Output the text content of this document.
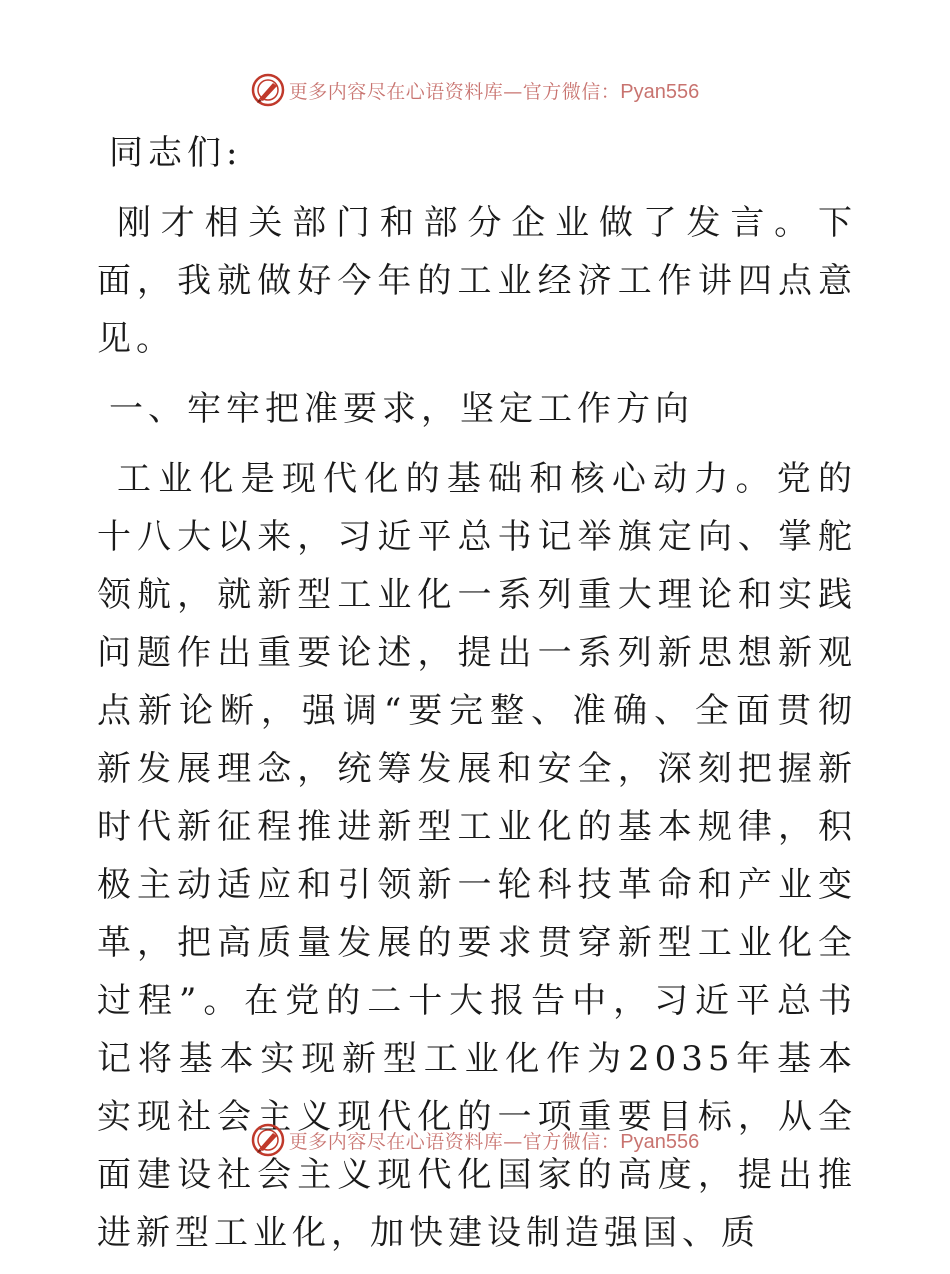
更多内容尽在心语资料库—官方微信：Pyan556

同志们:

刚才相关部门和部分企业做了发言。下面，我就做好今年的工业经济工作讲四点意见。

一、牢牢把准要求，坚定工作方向

工业化是现代化的基础和核心动力。党的十八大以来，习近平总书记举旗定向、掌舵领航，就新型工业化一系列重大理论和实践问题作出重要论述，提出一系列新思想新观点新论断，强调“要完整、准确、全面贯彻新发展理念，统筹发展和安全，深刻把握新时代新征程推进新型工业化的基本规律，积极主动适应和引领新一轮科技革命和产业变革，把高质量发展的要求贯穿新型工业化全过程”。在党的二十大报告中，习近平总书记将基本实现新型工业化作为2035年基本实现社会主义现代化的一项重要目标，从全面建设社会主义现代化国家的高度，提出推进新型工业化，加快建设制造强国、质

更多内容尽在心语资料库—官方微信：Pyan556
